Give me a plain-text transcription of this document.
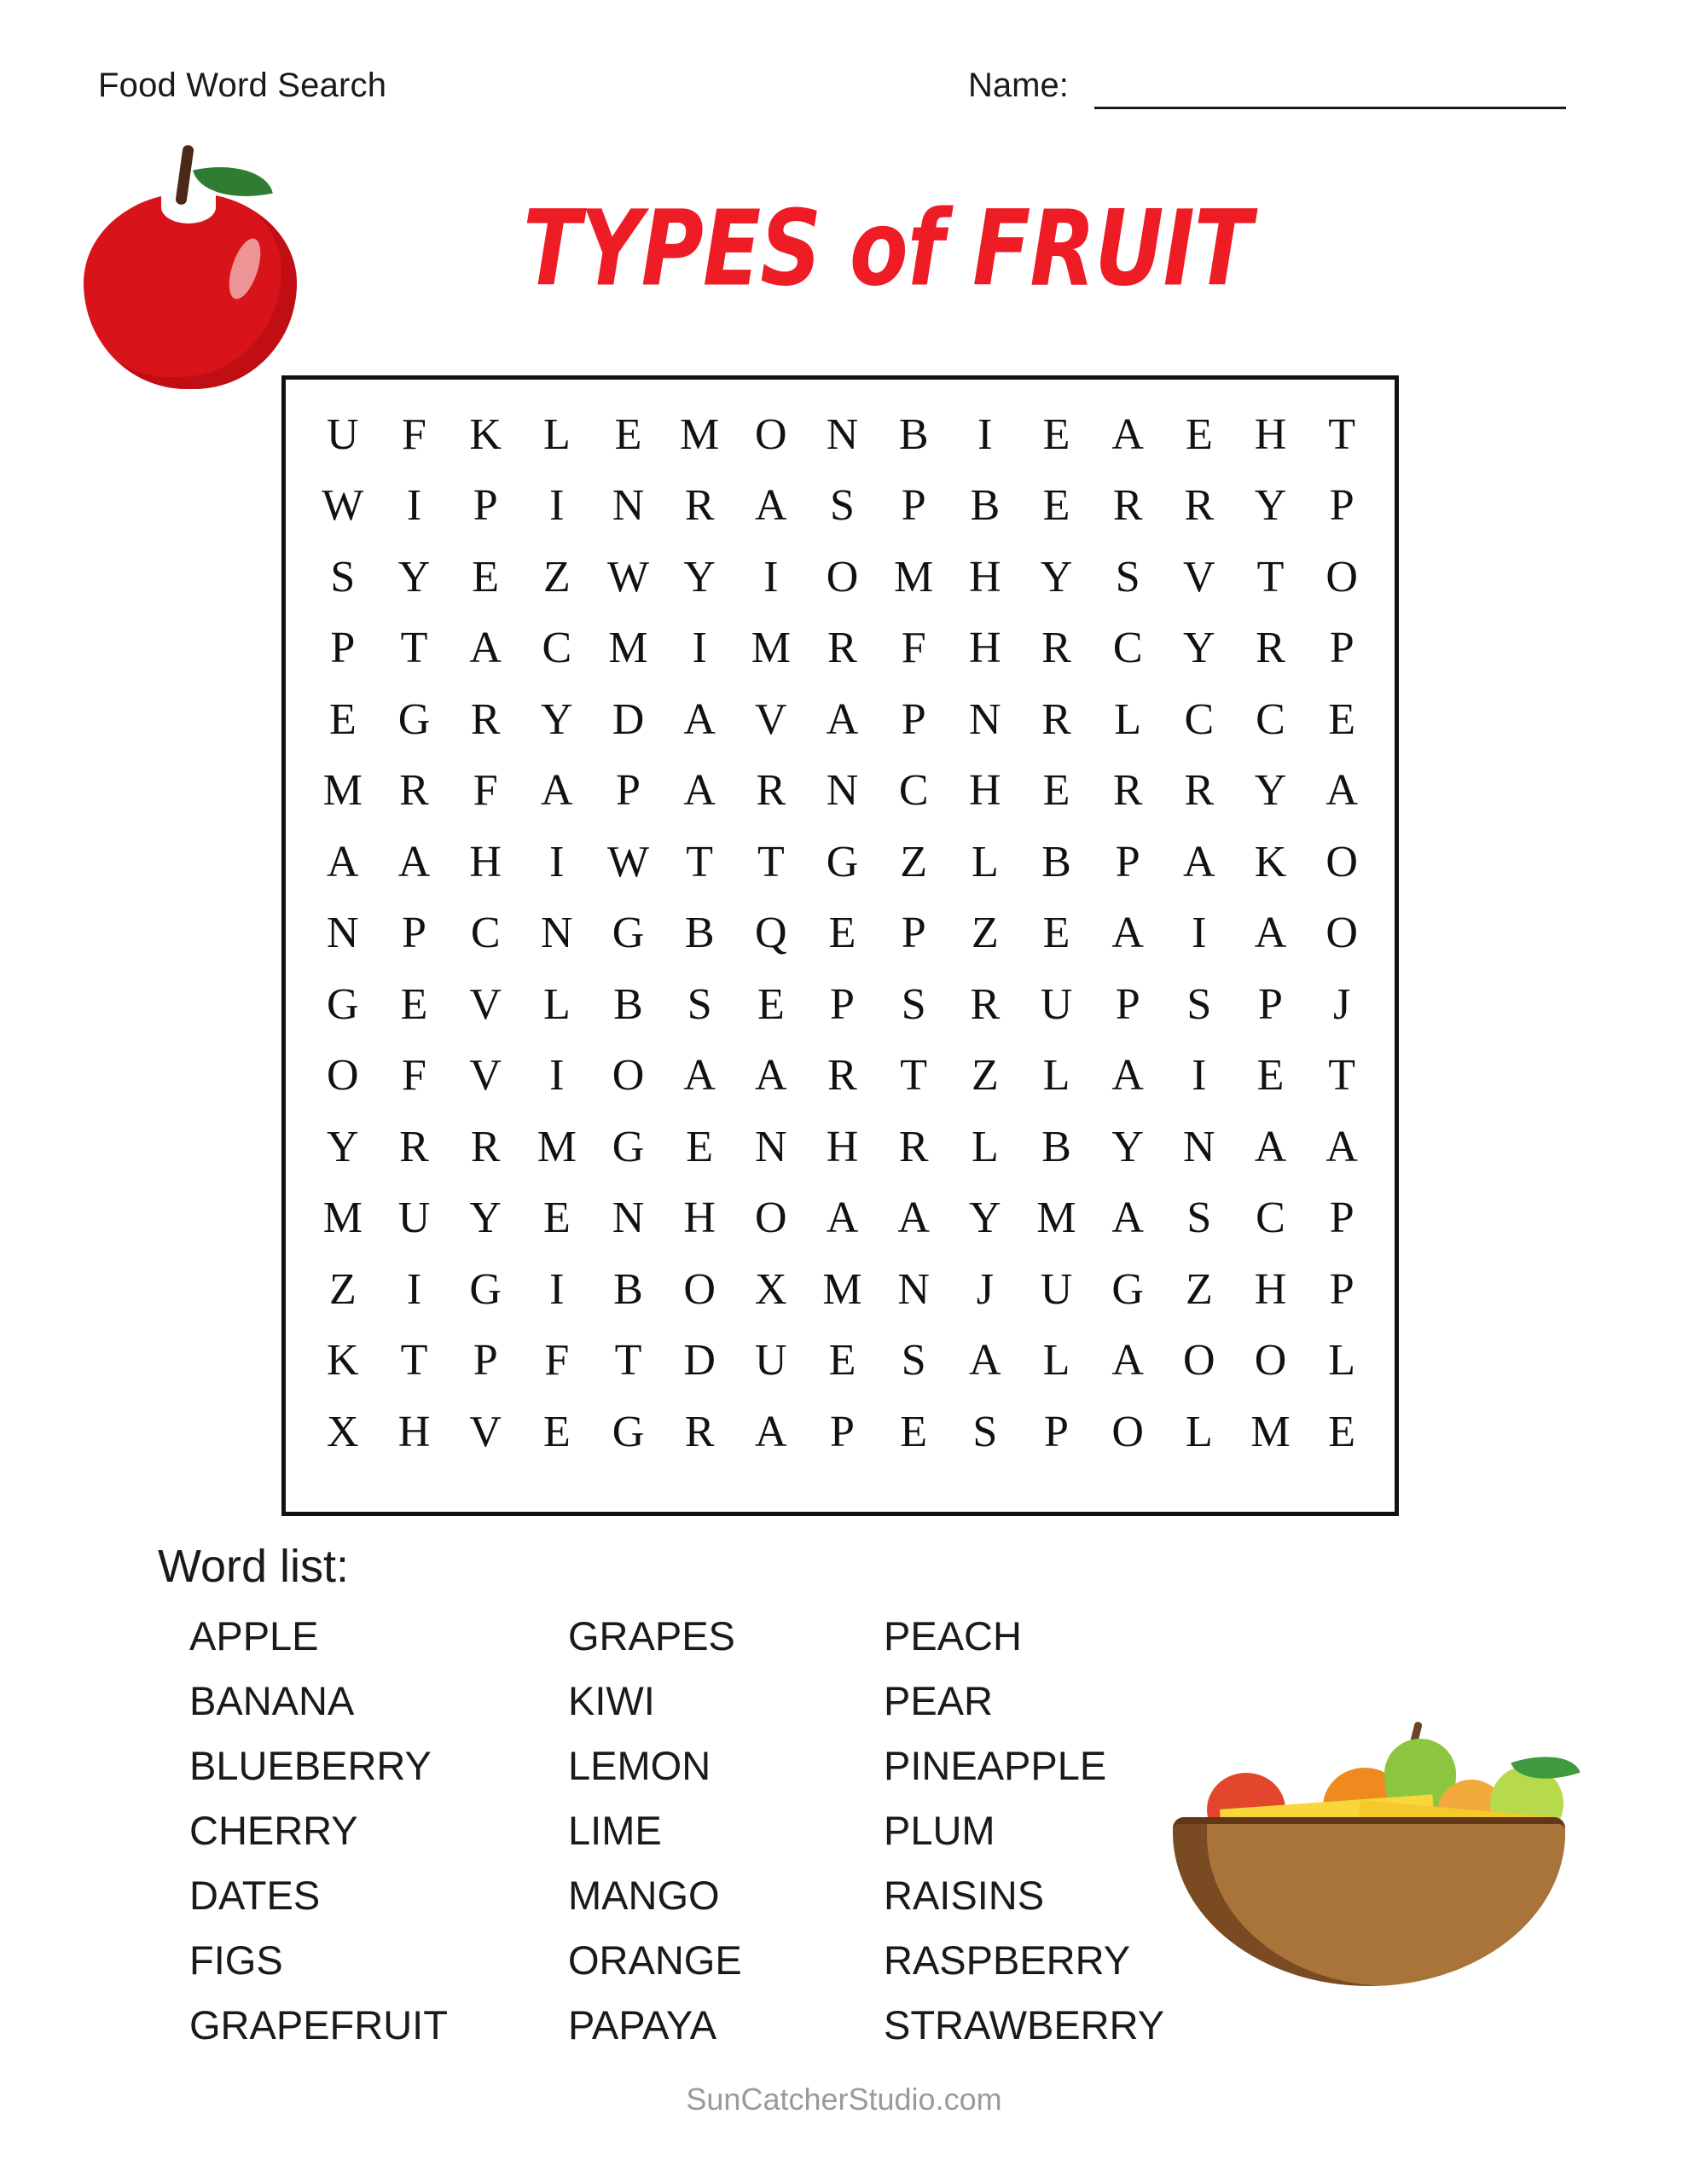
Food Word Search	Name:
TYPES of FRUIT
U F K L E M O N B	I	E A E H T
W I	P	I	N R A S	P B E R R Y P
S Y E Z W Y	I	O M H Y S V T O
P	T A C M I M R F H R C Y R P
E G R Y D A V A P N R L C C E
M R F A P A R N C H E R R Y A
A A H	I W T T G Z L B P A K O
N P C N G B Q E	P	Z E A	I	A O
G E V L B S	E	P	S R U P	S	P	J
O F V	I	O A A R T Z L A	I	E T
Y R R M G E N H R L B Y N A A
M U Y E N H O A A Y M A S C P
Z	I	G	I	B O X M N	J	U G Z H P
K T	P	F	T D U E	S A L A O O L
X H V E G R A P	E	S	P O L M E
Word list:
APPLE	GRAPES	PEACH
BANANA	KIWI	PEAR
BLUEBERRY	LEMON	PINEAPPLE
CHERRY	LIME	PLUM
DATES	MANGO	RAISINS
FIGS	ORANGE	RASPBERRY
GRAPEFRUIT	PAPAYA	STRAWBERRY
SunCatcherStudio.com
